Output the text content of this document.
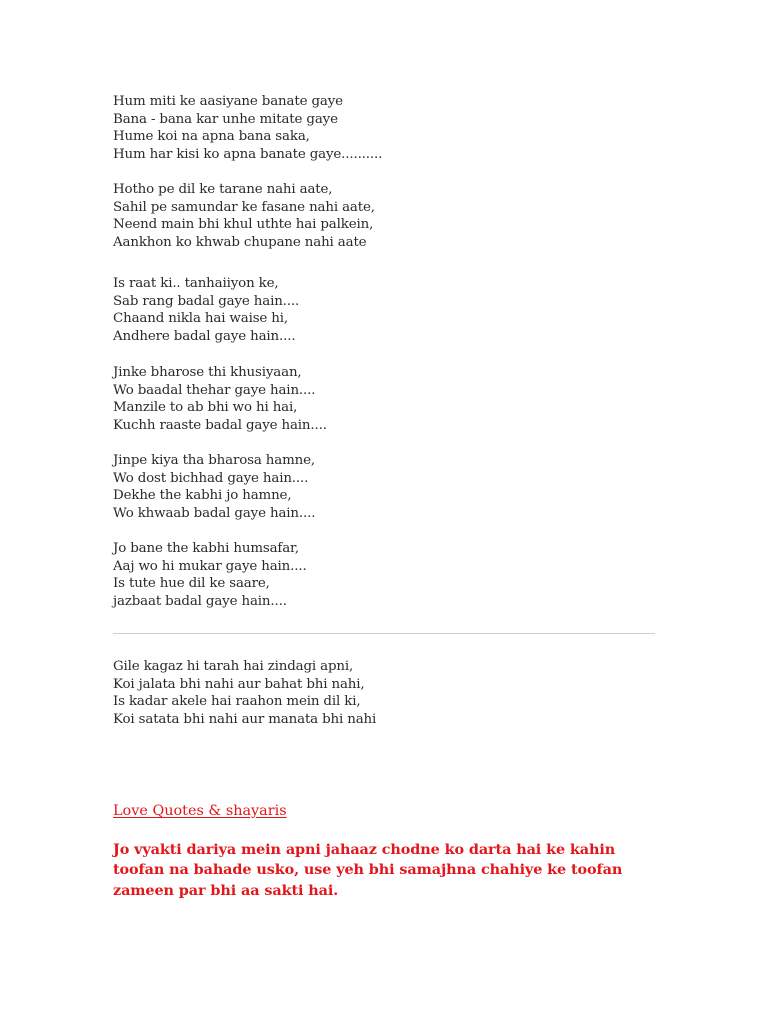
Hum miti ke aasiyane banate gaye
Bana - bana kar unhe mitate gaye
Hume koi na apna bana saka,
Hum har kisi ko apna banate gaye..........
Hotho pe dil ke tarane nahi aate,
Sahil pe samundar ke fasane nahi aate,
Neend main bhi khul uthte hai palkein,
Aankhon ko khwab chupane nahi aate
Is raat ki.. tanhaiiyon ke,
Sab rang badal gaye hain....
Chaand nikla hai waise hi,
Andhere badal gaye hain....
Jinke bharose thi khusiyaan,
Wo baadal thehar gaye hain....
Manzile to ab bhi wo hi hai,
Kuchh raaste badal gaye hain....
Jinpe kiya tha bharosa hamne,
Wo dost bichhad gaye hain....
Dekhe the kabhi jo hamne,
Wo khwaab badal gaye hain....
Jo bane the kabhi humsafar,
Aaj wo hi mukar gaye hain....
Is tute hue dil ke saare,
jazbaat badal gaye hain....
Gile kagaz hi tarah hai zindagi apni,
Koi jalata bhi nahi aur bahat bhi nahi,
Is kadar akele hai raahon mein dil ki,
Koi satata bhi nahi aur manata bhi nahi
Love Quotes & shayaris
Jo vyakti dariya mein apni jahaaz chodne ko darta hai ke kahin toofan na bahade usko, use yeh bhi samajhna chahiye ke toofan zameen par bhi aa sakti hai.
